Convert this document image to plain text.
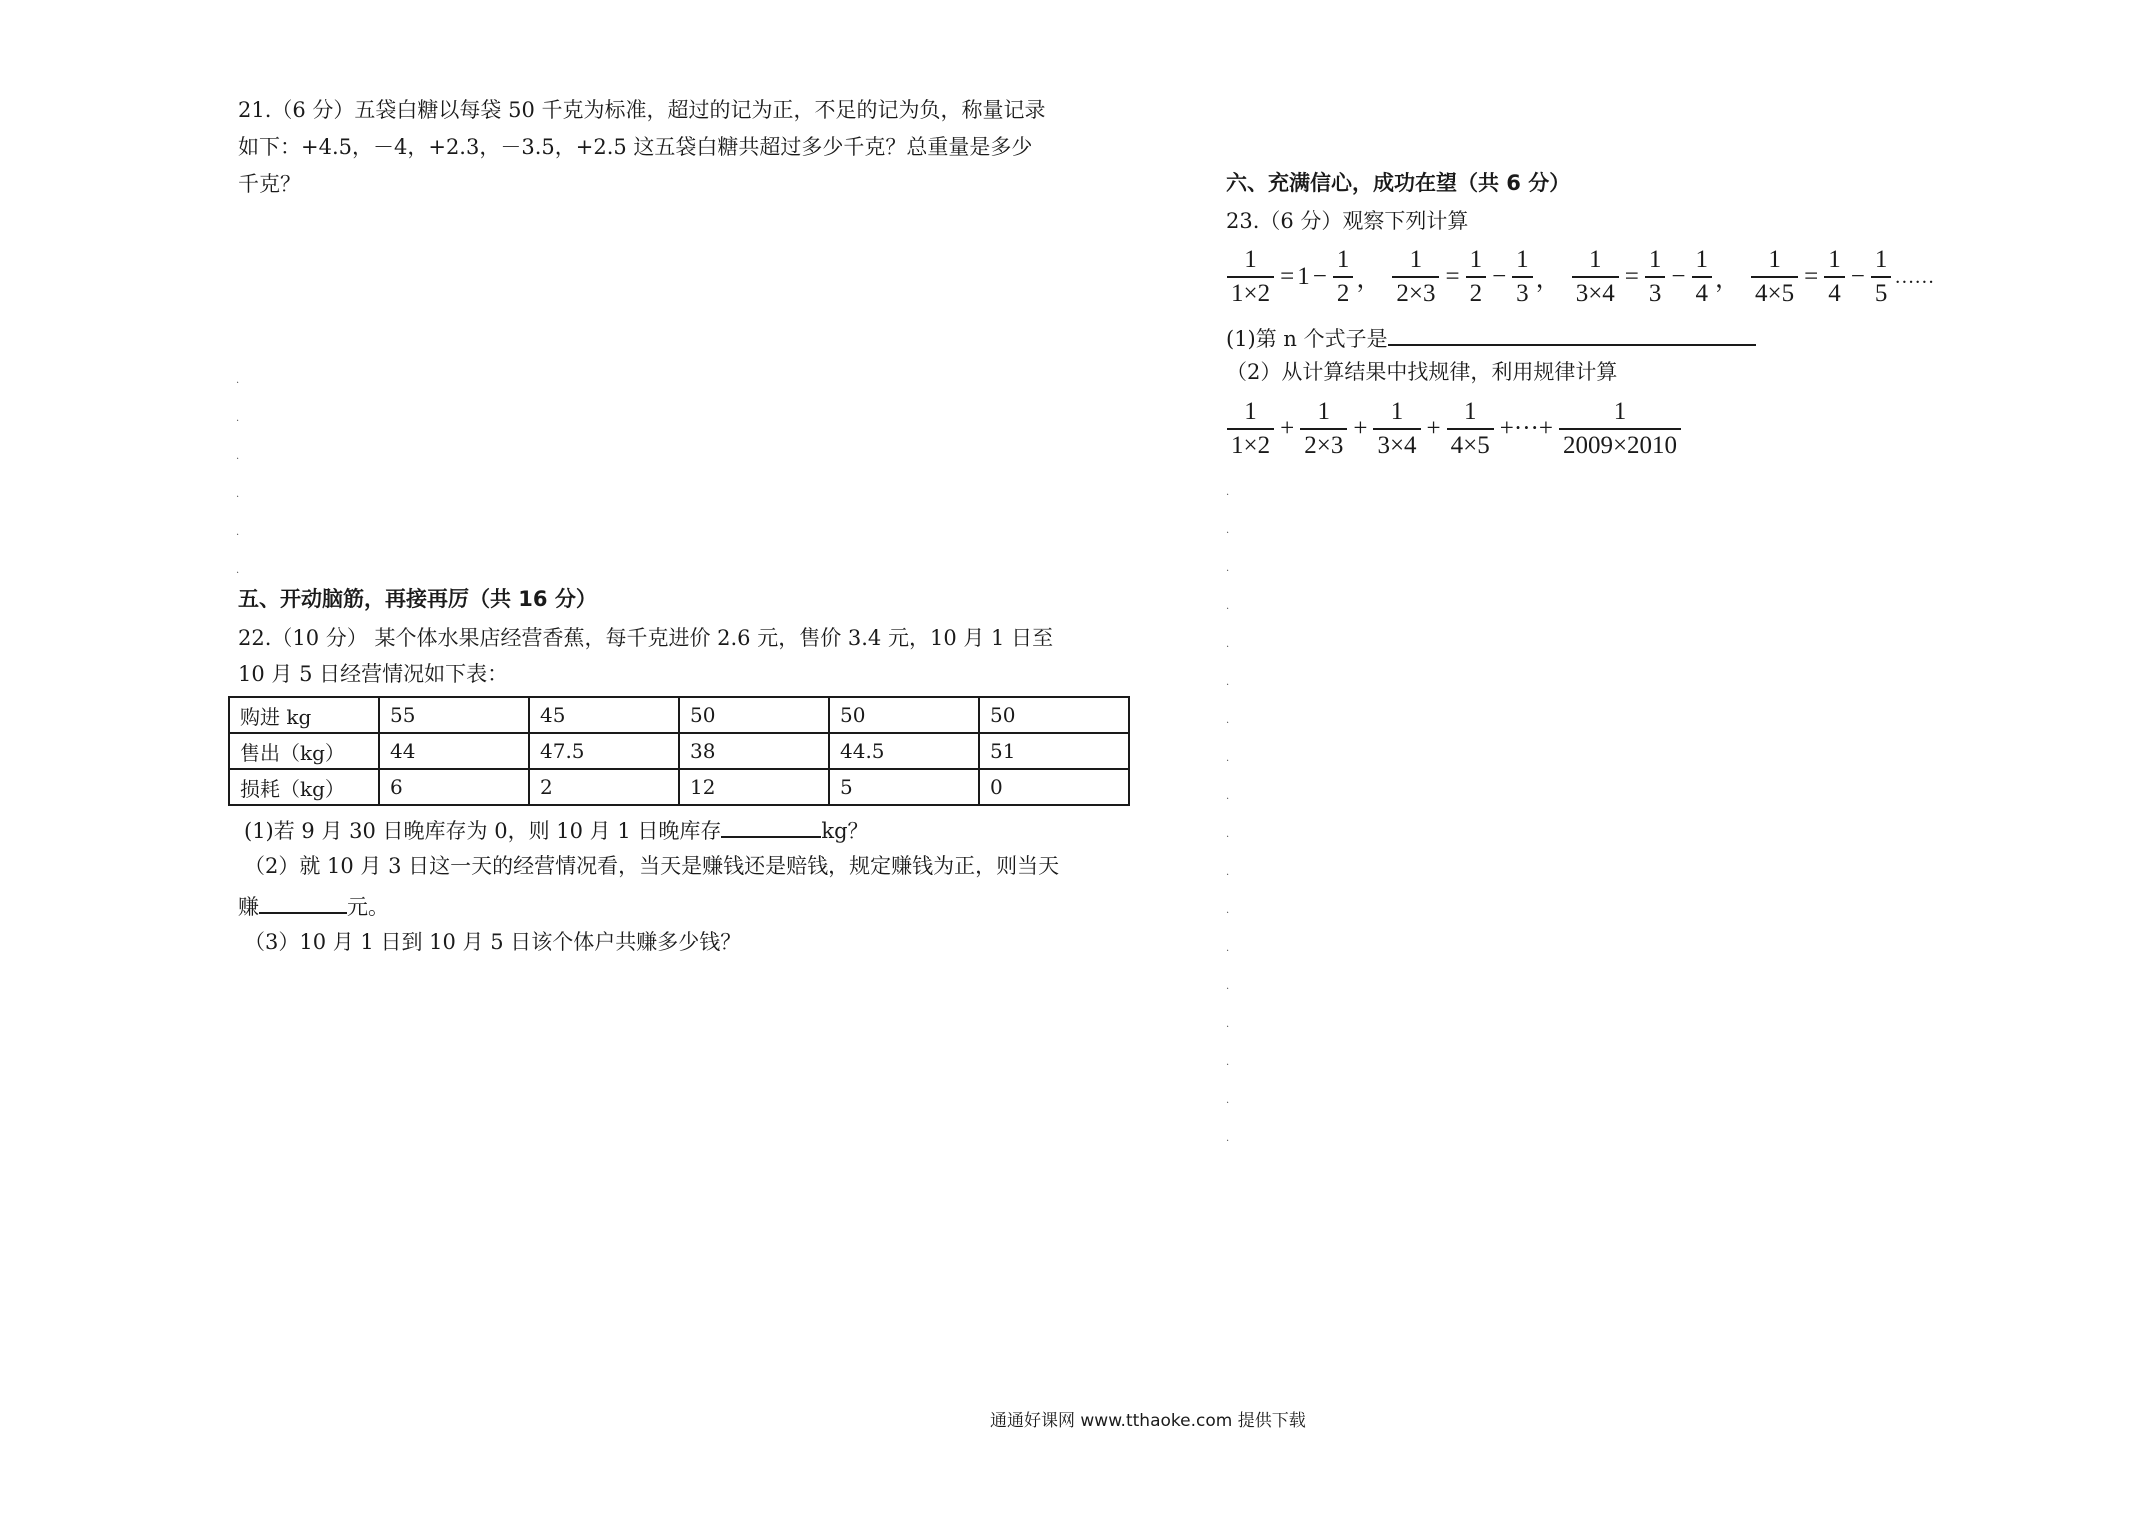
21.（6 分）五袋白糖以每袋 50 千克为标准，超过的记为正，不足的记为负，称量记录
如下：+4.5，－4，+2.3，－3.5，+2.5 这五袋白糖共超过多少千克？总重量是多少
千克？
.
.
.
.
.
.
五、开动脑筋，再接再厉（共 16 分）
22.（10 分） 某个体水果店经营香蕉，每千克进价 2.6 元，售价 3.4 元，10 月 1 日至
10 月 5 日经营情况如下表：
购进 kg	55	45	50	50	50
售出（kg）	44	47.5	38	44.5	51
损耗（kg）	6	2	12	5	0
(1)若 9 月 30 日晚库存为 0，则 10 月 1 日晚库存	kg？
（2）就 10 月 3 日这一天的经营情况看，当天是赚钱还是赔钱，规定赚钱为正，则当天
赚	元。
（3）10 月 1 日到 10 月 5 日该个体户共赚多少钱？
六、充满信心，成功在望（共 6 分）
23.（6 分）观察下列计算
$\frac{1}{1\times 2} = 1 - \frac{1}{2}$ ， $\frac{1}{2\times 3} = \frac{1}{2} - \frac{1}{3}$ ， $\frac{1}{3\times 4} = \frac{1}{3} - \frac{1}{4}$ ， $\frac{1}{4\times 5} = \frac{1}{4} - \frac{1}{5}$ ……
(1)第 n 个式子是
（2）从计算结果中找规律，利用规律计算
$\frac{1}{1\times 2} + \frac{1}{2\times 3} + \frac{1}{3\times 4} + \frac{1}{4\times 5}$ +···+ $\frac{1}{2009\times 2010}$
.
.
.
.
.
.
.
.
.
.
.
.
.
.
.
.
.
.
通通好课网 www.tthaoke.com 提供下载
